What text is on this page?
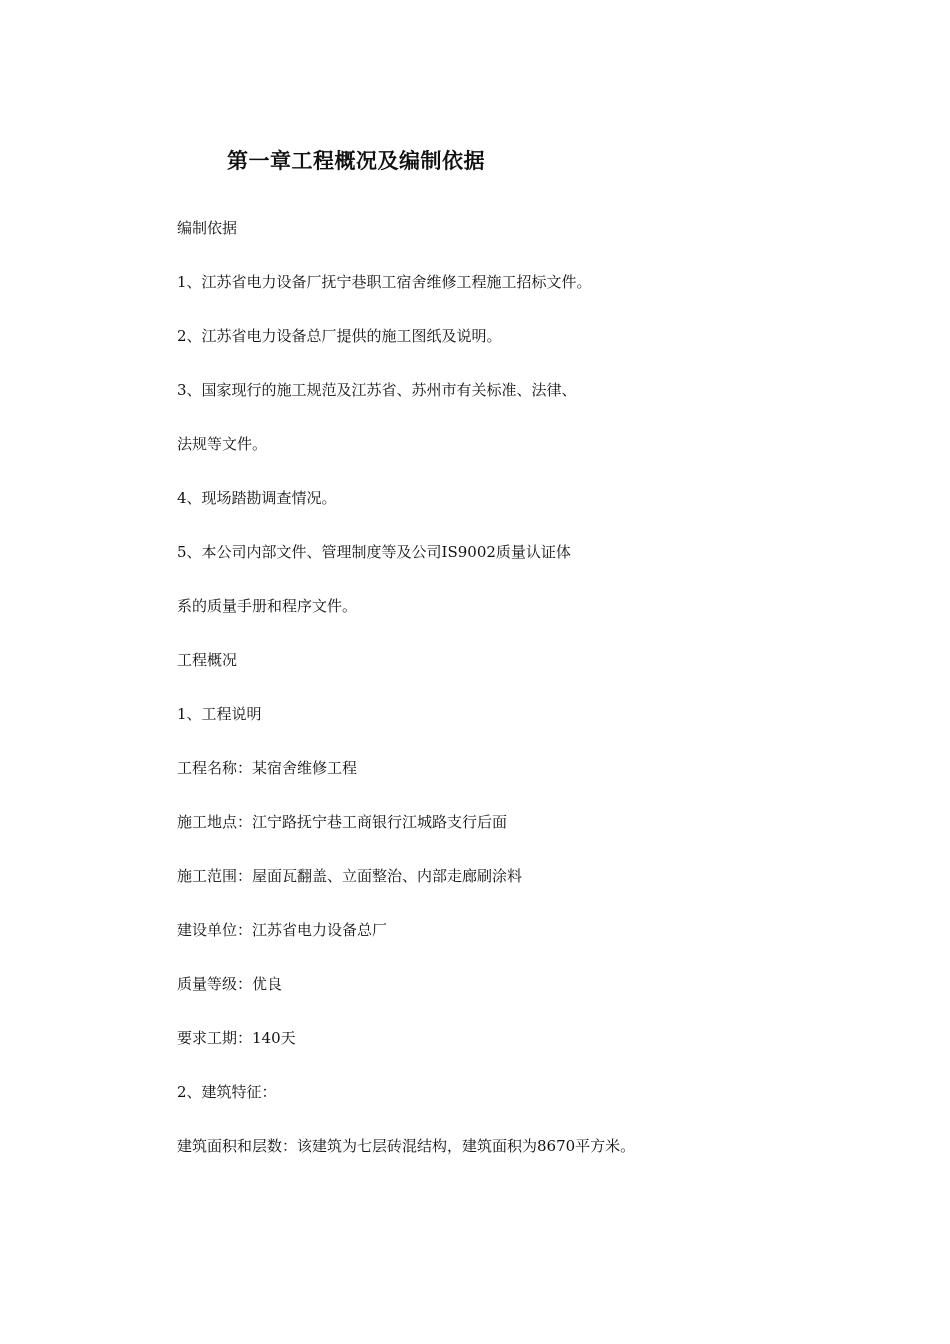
第一章工程概况及编制依据
编制依据
1、江苏省电力设备厂抚宁巷职工宿舍维修工程施工招标文件。
2、江苏省电力设备总厂提供的施工图纸及说明。
3、国家现行的施工规范及江苏省、苏州市有关标准、法律、
法规等文件。
4、现场踏勘调查情况。
5、本公司内部文件、管理制度等及公司IS9002质量认证体
系的质量手册和程序文件。
工程概况
1、工程说明
工程名称：某宿舍维修工程
施工地点：江宁路抚宁巷工商银行江城路支行后面
施工范围：屋面瓦翻盖、立面整治、内部走廊刷涂料
建设单位：江苏省电力设备总厂
质量等级：优良
要求工期：140天
2、建筑特征：
建筑面积和层数：该建筑为七层砖混结构，建筑面积为8670平方米。
